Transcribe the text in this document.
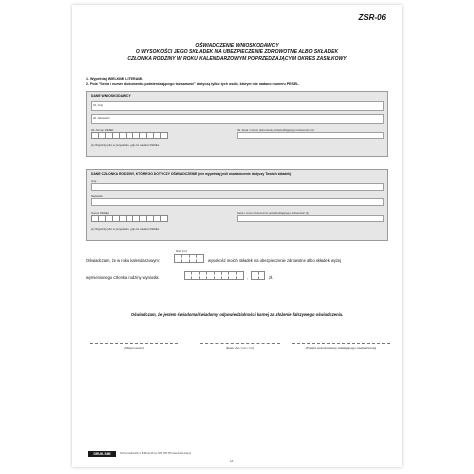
ZSR-06
OŚWIADCZENIE WNIOSKODAWCY
O WYSOKOŚCI JEGO SKŁADEK NA UBEZPIECZENIE ZDROWOTNE ALBO SKŁADEK
CZŁONKA RODZINY W ROKU KALENDARZOWYM POPRZEDZAJĄCYM OKRES ZASIŁKOWY
1. Wypełniaj WIELKIMI LITERAMI.
2. Pola "Seria i numer dokumentu potwierdzającego tożsamość" dotyczą tylko tych osób, którym nie nadano numeru PESEL.
DANE WNIOSKODAWCY
01. Imię
02. Nazwisko
03. Numer PESEL	04. Seria i numer dokumentu potwierdzającego tożsamość (1)
(1) Wypełnij tylko w przypadku, gdy nie nadano PESEL.
DANE CZŁONKA RODZINY, KTÓREGO DOTYCZY OŚWIADCZENIE (nie wypełniaj jeśli oświadczenie dotyczy Twoich składek)
Imię
Nazwisko
Numer PESEL	Seria i numer dokumentu potwierdzającego tożsamość (1)
(1) Wypełnij tylko w przypadku, gdy nie nadano PESEL.
Rok (rrrr)
Oświadczam, że w roku kalendarzowym:	wysokość moich składek na ubezpieczenie zdrowotne albo składek wyżej
wymienionego członka rodziny wyniosła:	,	zł.
Oświadczam, że jestem świadoma/świadomy odpowiedzialności karnej za złożenie fałszywego oświadczenia.
(Miejscowość)	(Data: dd / mm / rrrr)	(Podpis wnioskodawcy składającego oświadczenie)
DRUK-SIM	Szczecinek/Łódź ul. B.Bursa 9b tel. 606 789 705 www.druki-tutaj.pl
1/1
